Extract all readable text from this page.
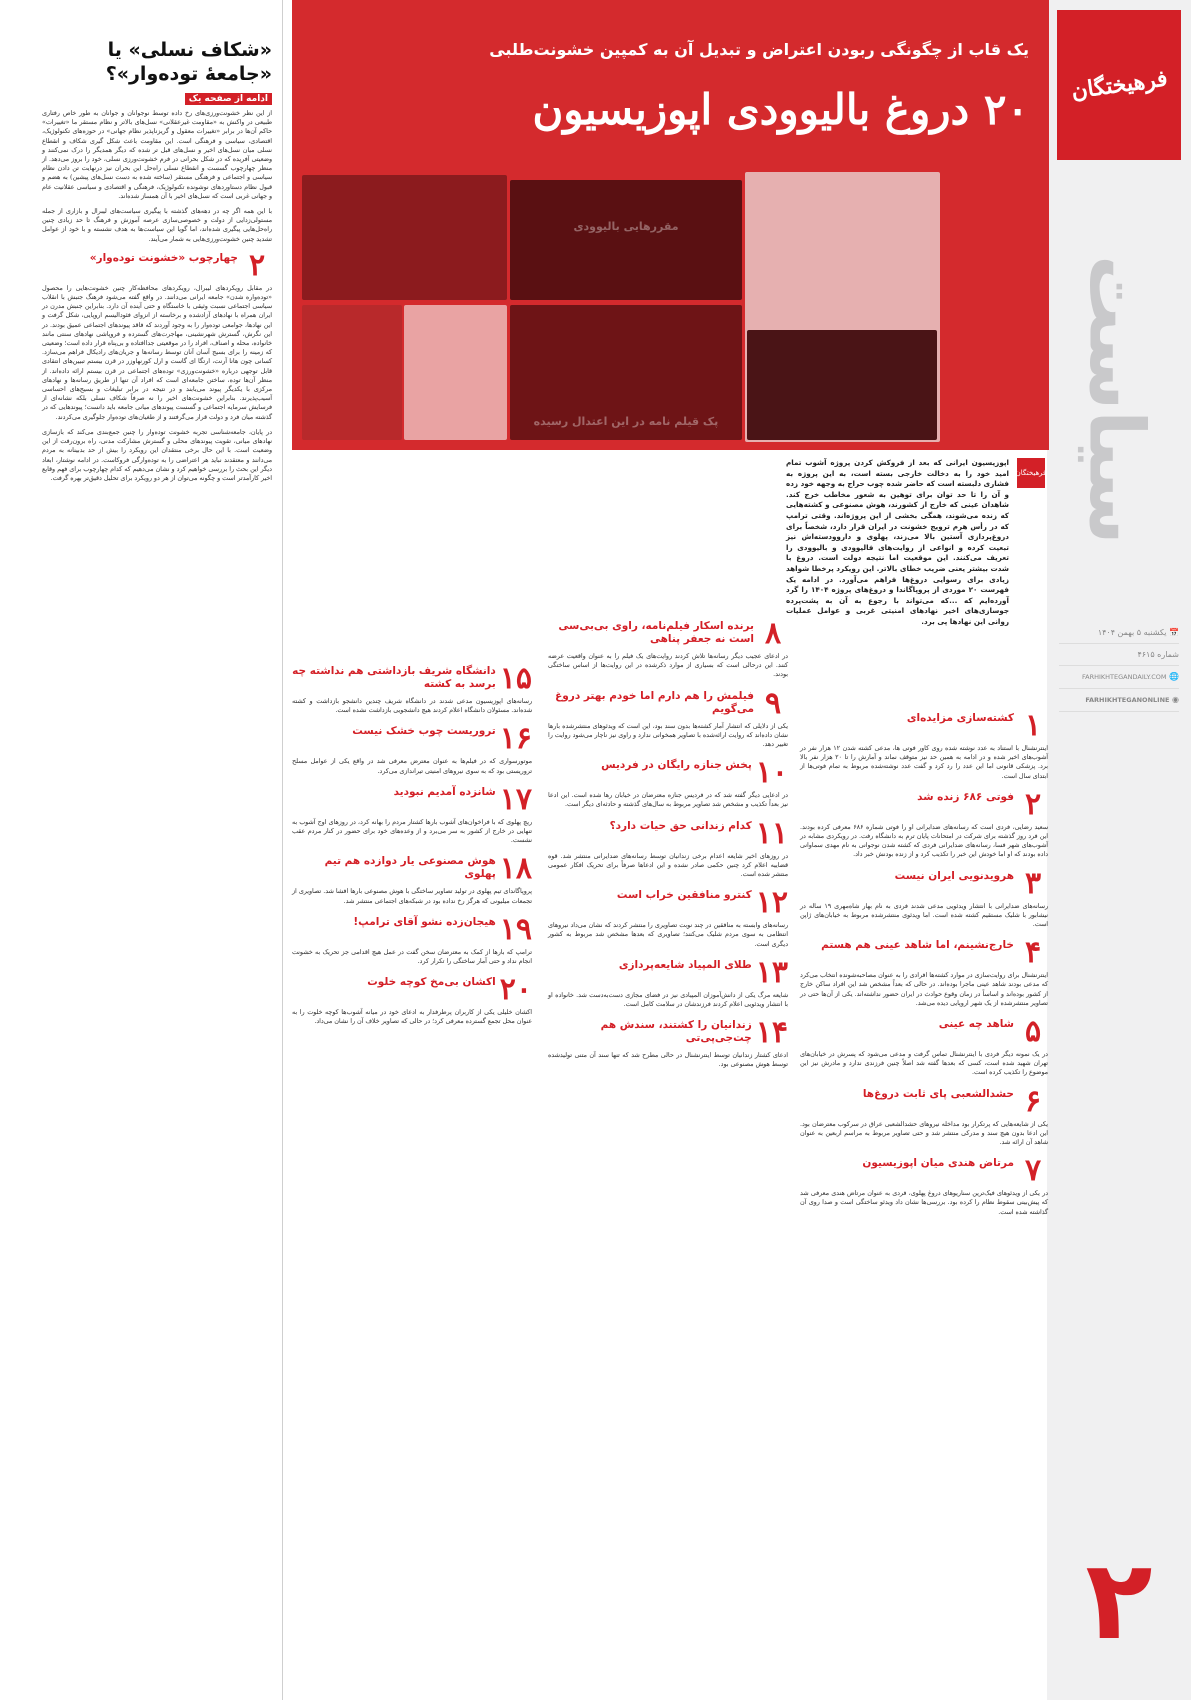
فرهیختگان
سیاست
📅 یکشنبه ۵ بهمن ۱۴۰۴
شماره ۴۶۱۵
🌐 FARHIKHTEGANDAILY.COM
◉ FARHIKHTEGANONLINE
۲
یک قاب از چگونگی ربودن اعتراض و تبدیل آن به کمپین خشونت‌طلبی
۲۰ دروغ بالیوودی اپوزیسیون
مقررهایی بالیوودی
پک قیلم نامه در این اعتدال رسیده
فرهیختگان

اپوزیسیون ایرانی که بعد از فروکش کردن پروژه آشوب تمام امید خود را به دخالت خارجی بسته است، به این پروژه به فشاری دلبسته است که حاضر شده چوب حراج به وجهه خود زده و آن را تا حد توان برای توهین به شعور مخاطب خرج کند. شاهدان عینی که خارج از کشورند، هوش مصنوعی و کشته‌هایی که زنده می‌شوند، همگی بخشی از این پروژه‌اند. وقتی ترامپ که در رأس هرم ترویج خشونت در ایران قرار دارد، شخصاً برای دروغ‌پردازی آستین بالا می‌زند، پهلوی و داروودسته‌اش نیز تبعیت کرده و انواعی از روایت‌های فالیوودی و بالیوودی را تعریف می‌کنند. این موقعیت اما نتیجه دولت است. دروغ با شدت بیشتر یعنی ضریب خطای بالاتر. این رویکرد پرخطا شواهد زیادی برای رسوایی دروغ‌ها فراهم می‌آورد. در ادامه یک فهرست ۲۰ موردی از پروپاگاندا و دروغ‌های پروژه ۱۴۰۴ را گرد آورده‌ایم که ...که می‌تواند با رجوع به آن به پشت‌پرده جوسازی‌های اخیر نهادهای امنیتی غربی و عوامل عملیات روانی این نهادها پی برد.

۱
کشته‌سازی مزایده‌ای

اینترنشنال با استناد به عدد نوشته شده روی کاور فوتی ها، مدعی کشته شدن ۱۲ هزار نفر در آشوب‌های اخیر شده و در ادامه به همین حد نیز متوقف نماند و آمارش را تا ۲۰ هزار نفر بالا برد. پزشکی قانونی اما این عدد را رد کرد و گفت عدد نوشته‌شده مربوط به تمام فوتی‌ها از ابتدای سال است.

۲
فوتی ۶۸۶ زنده شد

سعید رضایی، فردی است که رسانه‌های ضدایرانی او را فوتی شماره ۶۸۶ معرفی کرده بودند. این فرد روز گذشته برای شرکت در امتحانات پایان ترم به دانشگاه رفت. در رویکردی مشابه در آشوب‌های شهر فسا، رسانه‌های ضدایرانی فردی که کشته شدن نوجوانی به نام مهدی سماوانی داده بودند که او اما خودش این خبر را تکذیب کرد و از زنده بودنش خبر داد.

۳
هرویدنویی ایران نیست

رسانه‌های ضدایرانی با انتشار ویدئویی مدعی شدند فردی به نام بهار شاه‌مهری ۱۹ ساله در نیشابور با شلیک مستقیم کشته شده است. اما ویدئوی منتشرشده مربوط به خیابان‌های ژاپن است.

۴
خارج‌نشینم، اما شاهد عینی هم هستم

اینترنشنال برای روایت‌سازی در موارد کشته‌ها افرادی را به عنوان مصاحبه‌شونده انتخاب می‌کرد که مدعی بودند شاهد عینی ماجرا بوده‌اند. در حالی که بعداً مشخص شد این افراد ساکن خارج از کشور بوده‌اند و اساساً در زمان وقوع حوادث در ایران حضور نداشته‌اند. یکی از آن‌ها حتی در تصاویر منتشرشده از یک شهر اروپایی دیده می‌شد.

۵
شاهد چه عینی

در یک نمونه دیگر فردی با اینترنشنال تماس گرفت و مدعی می‌شود که پسرش در خیابان‌های تهران شهید شده است، کسی که بعدها گفته شد اصلاً چنین فرزندی ندارد و مادرش نیز این موضوع را تکذیب کرده است.

۶
حشدالشعبی پای ثابت دروغ‌ها

یکی از شایعه‌هایی که پرتکرار بود مداخله نیروهای حشدالشعبی عراق در سرکوب معترضان بود. این ادعا بدون هیچ سند و مدرکی منتشر شد و حتی تصاویر مربوط به مراسم اربعین به عنوان شاهد آن ارائه شد.

۷
مرتاض هندی میان اپوزیسیون

در یکی از ویدئوهای فیک‌ترین سناریوهای دروغ پهلوی، فردی به عنوان مرتاض هندی معرفی شد که پیش‌بینی سقوط نظام را کرده بود. بررسی‌ها نشان داد ویدئو ساختگی است و صدا روی آن گذاشته شده است.

۸
برنده اسکار فیلم‌نامه، راوی بی‌بی‌سی است نه جعفر پناهی

در ادعای عجیب دیگر رسانه‌ها تلاش کردند روایت‌های یک فیلم را به عنوان واقعیت عرضه کنند. این درحالی است که بسیاری از موارد ذکرشده در این روایت‌ها از اساس ساختگی بودند.

۹
فیلمش را هم دارم اما خودم بهتر دروغ می‌گویم

یکی از دلایلی که انتشار آمار کشته‌ها بدون سند بود، این است که ویدئوهای منتشرشده بارها نشان داده‌اند که روایت ارائه‌شده با تصاویر همخوانی ندارد و راوی نیز ناچار می‌شود روایت را تغییر دهد.

۱۰
پخش جنازه رایگان در فردیس

در ادعایی دیگر گفته شد که در فردیس جنازه معترضان در خیابان رها شده است. این ادعا نیز بعداً تکذیب و مشخص شد تصاویر مربوط به سال‌های گذشته و حادثه‌ای دیگر است.

۱۱
کدام زندانی حق حیات دارد؟

در روزهای اخیر شایعه اعدام برخی زندانیان توسط رسانه‌های ضدایرانی منتشر شد. قوه قضاییه اعلام کرد چنین حکمی صادر نشده و این ادعاها صرفاً برای تحریک افکار عمومی منتشر شده است.

۱۲
کنترو منافقین خراب است

رسانه‌های وابسته به منافقین در چند نوبت تصاویری را منتشر کردند که نشان می‌داد نیروهای انتظامی به سوی مردم شلیک می‌کنند؛ تصاویری که بعدها مشخص شد مربوط به کشور دیگری است.

۱۳
طلای المپیاد شایعه‌پردازی

شایعه مرگ یکی از دانش‌آموزان المپیادی نیز در فضای مجازی دست‌به‌دست شد. خانواده او با انتشار ویدئویی اعلام کردند فرزندشان در سلامت کامل است.

۱۴
زندانیان را کشتند، سندش هم چت‌جی‌پی‌تی

ادعای کشتار زندانیان توسط اینترنشنال در حالی مطرح شد که تنها سند آن متنی تولیدشده توسط هوش مصنوعی بود.

۱۵
دانشگاه شریف بازداشتی هم نداشته چه برسد به کشته

رسانه‌های اپوزیسیون مدعی شدند در دانشگاه شریف چندین دانشجو بازداشت و کشته شده‌اند. مسئولان دانشگاه اعلام کردند هیچ دانشجویی بازداشت نشده است.

۱۶
تروریست چوب خشک نیست

موتورسواری که در فیلم‌ها به عنوان معترض معرفی شد در واقع یکی از عوامل مسلح تروریستی بود که به سوی نیروهای امنیتی تیراندازی می‌کرد.

۱۷
شانزده آمدیم نبودید

ریچ پهلوی که با فراخوان‌های آشوب بارها کشتار مردم را بهانه کرد، در روزهای اوج آشوب به تنهایی در خارج از کشور به سر می‌برد و از وعده‌های خود برای حضور در کنار مردم عقب نشست.

۱۸
هوش مصنوعی یار دوازده هم تیم پهلوی

پروپاگاندای تیم پهلوی در تولید تصاویر ساختگی با هوش مصنوعی بارها افشا شد. تصاویری از تجمعات میلیونی که هرگز رخ نداده بود در شبکه‌های اجتماعی منتشر شد.

۱۹
هیجان‌زده نشو آقای ترامپ!

ترامپ که بارها از کمک به معترضان سخن گفت در عمل هیچ اقدامی جز تحریک به خشونت انجام نداد و حتی آمار ساختگی را تکرار کرد.

۲۰
اکشان بی‌مخ کوچه خلوت

اکشان خلیلی یکی از کاربران پرطرفدار به ادعای خود در میانه آشوب‌ها کوچه خلوت را به عنوان محل تجمع گسترده معرفی کرد؛ در حالی که تصاویر خلاف آن را نشان می‌داد.

«شکاف نسلی» یا «جامعهٔ توده‌وار»؟
ادامه از صفحه یک

از این نظر خشونت‌ورزی‌های رخ داده توسط نوجوانان و جوانان به طور خاص رفتاری طبیعی در واکنش به «مقاومت غیرعقلانی» نسل‌های بالاتر و نظام مستقر ما «تغییرات» حاکم آن‌ها در برابر «تغییرات معقول و گریزناپذیر نظام جهانی» در حوزه‌های تکنولوژیک، اقتصادی، سیاسی و فرهنگی است. این مقاومت باعث شکل گیری شکاف و انقطاع نسلی میان نسل‌های اخیر و نسل‌های قبل تر شده که دیگر همدیگر را درک نمی‌کنند و وضعیتی آفریده که در شکل بحرانی در فرم خشونت‌ورزی نسلی، خود را بروز می‌دهد. از منظر چهارچوب گسست و انقطاع نسلی راه‌حل این بحران نیز درنهایت تن دادن نظام سیاسی و اجتماعی و فرهنگی مستقر (ساخته شده به دست نسل‌های پیشین) به هضم و قبول نظام دستاوردهای نوشونده تکنولوژیک، فرهنگی و اقتصادی و سیاسی عقلانیت عام و جهانی غربی است که نسل‌های اخیر با آن همساز شده‌اند.

با این همه اگر چه در دهه‌های گذشته با پیگیری سیاست‌های لیبرال و بازاری از جمله مستولی‌زدایی از دولت و خصوصی‌سازی عرصه آموزش و فرهنگ تا حد زیادی چنین راه‌حل‌هایی پیگیری شده‌اند، اما گویا این سیاست‌ها به هدف نشسته و با خود از عوامل تشدید چنین خشونت‌ورزی‌هایی به شمار می‌آیند.

۲
چهارچوب «خشونت توده‌وار»

در مقابل رویکردهای لیبرال، رویکردهای محافظه‌کار چنین خشونت‌هایی را محصول «توده‌واره شدن» جامعه ایرانی می‌دانند. در واقع گفته می‌شود فرهنگ جنبش با انقلاب سیاسی اجتماعی نسبت وثیقی با خاستگاه و حتی آینده آن دارد. بنابراین جنبش مدرن در ایران همراه با نهادهای آزادشده و برخاسته از انزوای فئودالیسم اروپایی، شکل گرفت و این نهادها، جوامعی توده‌وار را به وجود آوردند که فاقد پیوندهای اجتماعی عمیق بودند. در این نگرش، گسترش شهرنشینی، مهاجرت‌های گسترده و فروپاشی نهادهای سنتی مانند خانواده، محله و اصناف، افراد را در موقعیتی جداافتاده و بی‌پناه قرار داده است؛ وضعیتی که زمینه را برای بسیج آسان آنان توسط رسانه‌ها و جریان‌های رادیکال فراهم می‌سازد. کسانی چون هانا آرنت، ارتگا ای گاست و ارل کورنهاوزر در قرن بیستم تبیین‌های انتقادی قابل توجهی درباره «خشونت‌ورزی» توده‌های اجتماعی در قرن بیستم ارائه داده‌اند. از منظر آن‌ها توده، ساختن جامعه‌ای است که افراد آن تنها از طریق رسانه‌ها و نهادهای مرکزی با یکدیگر پیوند می‌یابند و در نتیجه در برابر تبلیغات و بسیج‌های احساسی آسیب‌پذیرند. بنابراین خشونت‌های اخیر را نه صرفاً شکاف نسلی بلکه نشانه‌ای از فرسایش سرمایه اجتماعی و گسست پیوندهای میانی جامعه باید دانست؛ پیوندهایی که در گذشته میان فرد و دولت قرار می‌گرفتند و از طغیان‌های توده‌وار جلوگیری می‌کردند.

در پایان، جامعه‌شناسی تجربه خشونت توده‌وار را چنین جمع‌بندی می‌کند که بازسازی نهادهای میانی، تقویت پیوندهای محلی و گسترش مشارکت مدنی، راه برون‌رفت از این وضعیت است. با این حال برخی منتقدان این رویکرد را بیش از حد بدبینانه به مردم می‌دانند و معتقدند نباید هر اعتراضی را به توده‌وارگی فروکاست. در ادامه نوشتار، ابعاد دیگر این بحث را بررسی خواهیم کرد و نشان می‌دهیم که کدام چهارچوب برای فهم وقایع اخیر کارآمدتر است و چگونه می‌توان از هر دو رویکرد برای تحلیل دقیق‌تر بهره گرفت.
